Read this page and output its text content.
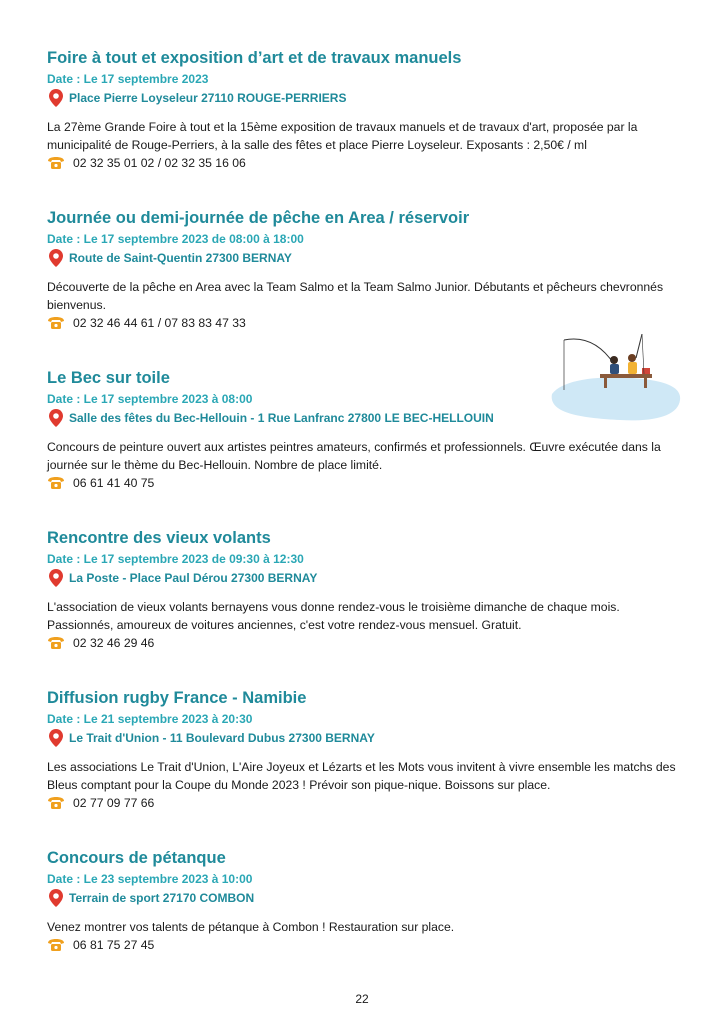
Foire à tout et exposition d’art et de travaux manuels
Date : Le 17 septembre 2023
Place Pierre Loyseleur 27110 ROUGE-PERRIERS
La 27ème Grande Foire à tout et la 15ème exposition de travaux manuels et de travaux d'art, proposée par la municipalité de Rouge-Perriers, à la salle des fêtes et place Pierre Loyseleur. Exposants : 2,50€ / ml
02 32 35 01 02 / 02 32 35 16 06
Journée ou demi-journée de pêche en Area / réservoir
Date : Le 17 septembre 2023 de 08:00 à 18:00
Route de Saint-Quentin 27300 BERNAY
Découverte de la pêche en Area avec la Team Salmo et la Team Salmo Junior. Débutants et pêcheurs chevronnés bienvenus.
02 32 46 44 61 / 07 83 83 47 33
Le Bec sur toile
Date : Le 17 septembre 2023 à 08:00
Salle des fêtes du Bec-Hellouin - 1 Rue Lanfranc 27800 LE BEC-HELLOUIN
Concours de peinture ouvert aux artistes peintres amateurs, confirmés et professionnels. Œuvre exécutée dans la journée sur le thème du Bec-Hellouin. Nombre de place limité.
06 61 41 40 75
Rencontre des vieux volants
Date : Le 17 septembre 2023 de 09:30 à 12:30
La Poste - Place Paul Dérou 27300 BERNAY
L'association de vieux volants bernayens vous donne rendez-vous le troisième dimanche de chaque mois. Passionnés, amoureux de voitures anciennes, c'est votre rendez-vous mensuel. Gratuit.
02 32 46 29 46
Diffusion rugby France - Namibie
Date : Le 21 septembre 2023 à 20:30
Le Trait d'Union - 11 Boulevard Dubus 27300 BERNAY
Les associations Le Trait d'Union, L'Aire Joyeux et Lézarts et les Mots vous invitent à vivre ensemble les matchs des Bleus comptant pour la Coupe du Monde 2023 ! Prévoir son pique-nique. Boissons sur place.
02 77 09 77 66
Concours de pétanque
Date : Le 23 septembre 2023 à 10:00
Terrain de sport 27170 COMBON
Venez montrer vos talents de pétanque à Combon ! Restauration sur place.
06 81 75 27 45
22
